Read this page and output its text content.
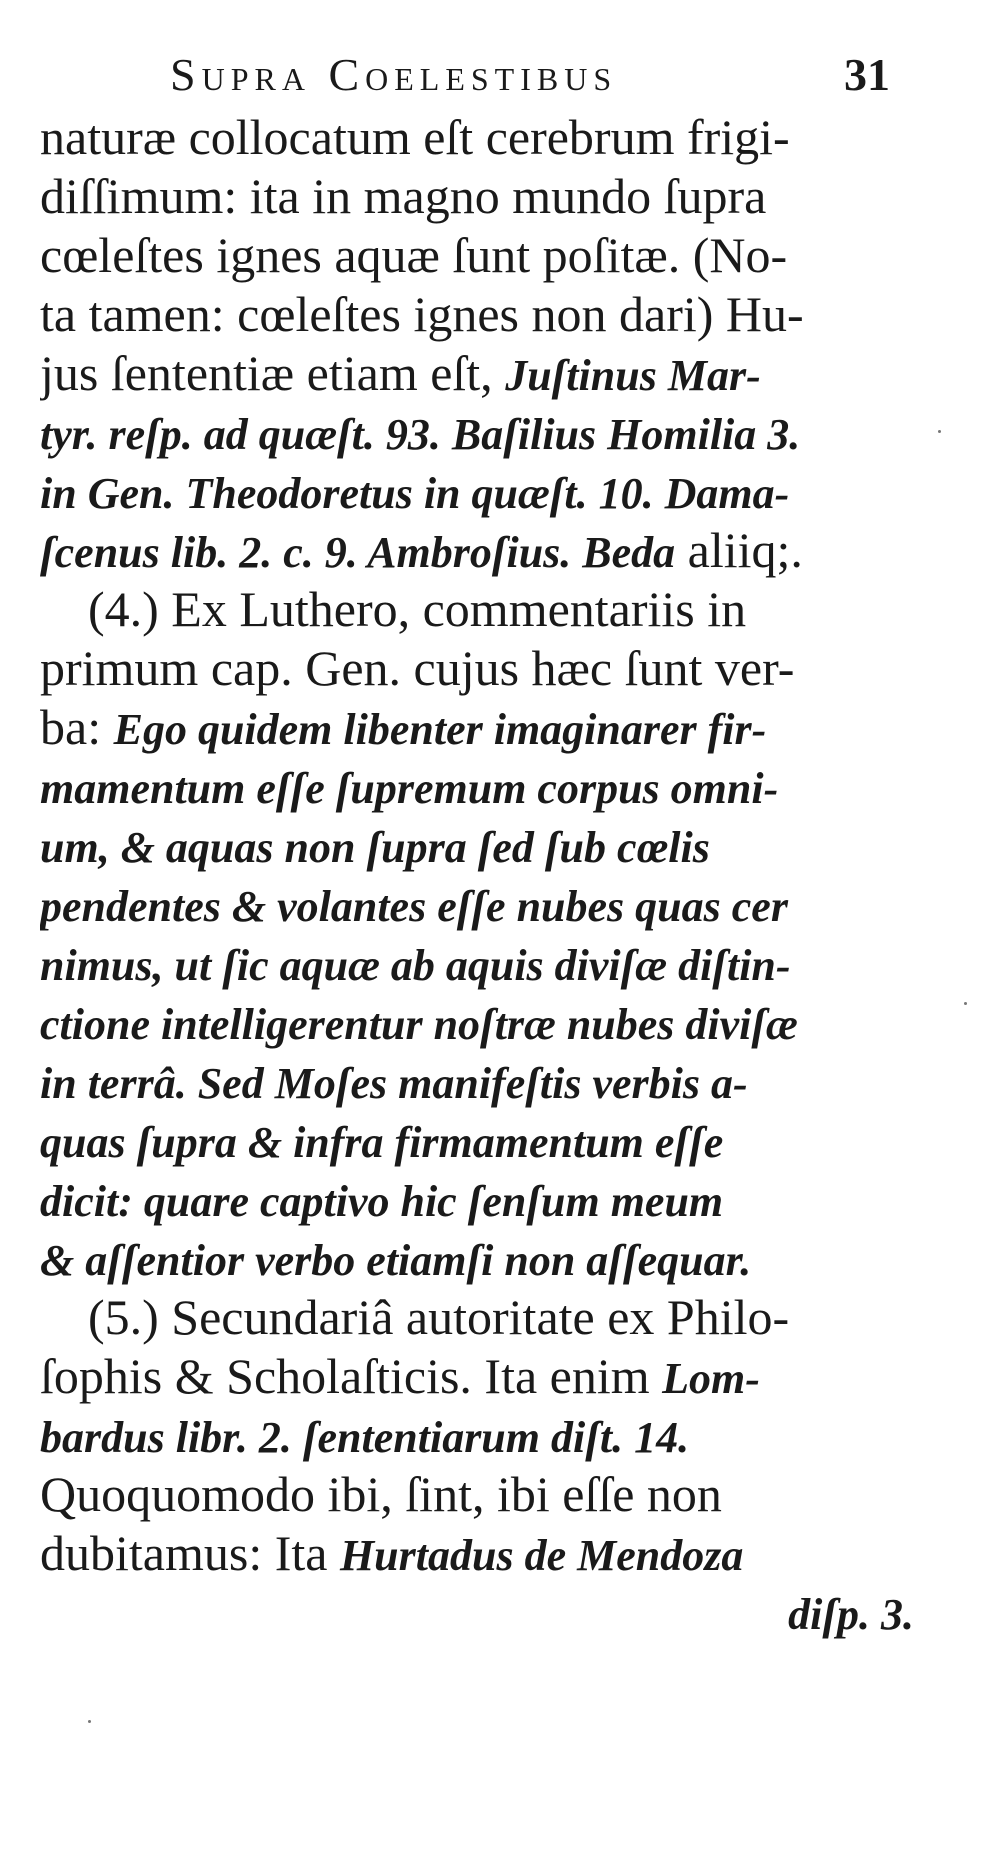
Supra Coelestibus	31
naturæ collocatum eſt cerebrum frigi-
diſſimum: ita in magno mundo ſupra
cœleſtes ignes aquæ ſunt poſitæ. (No-
ta tamen: cœleſtes ignes non dari) Hu-
jus ſententiæ etiam eſt, Juſtinus Mar-
tyr. reſp. ad quæſt. 93. Baſilius Homilia 3.
in Gen. Theodoretus in quæſt. 10. Dama-
ſcenus lib. 2. c. 9. Ambroſius. Beda aliiq;.
(4.) Ex Luthero, commentariis in
primum cap. Gen. cujus hæc ſunt ver-
ba: Ego quidem libenter imaginarer fir-
mamentum eſſe ſupremum corpus omni-
um, & aquas non ſupra ſed ſub cœlis
pendentes & volantes eſſe nubes quas cer
nimus, ut ſic aquæ ab aquis diviſæ diſtin-
ctione intelligerentur noſtræ nubes diviſæ
in terrâ. Sed Moſes manifeſtis verbis a-
quas ſupra & infra firmamentum eſſe
dicit: quare captivo hic ſenſum meum
& aſſentior verbo etiamſi non aſſequar.
(5.) Secundariâ autoritate ex Philo-
ſophis & Scholaſticis. Ita enim Lom-
bardus libr. 2. ſententiarum diſt. 14.
Quoquomodo ibi, ſint, ibi eſſe non
dubitamus: Ita Hurtadus de Mendoza
diſp. 3.
